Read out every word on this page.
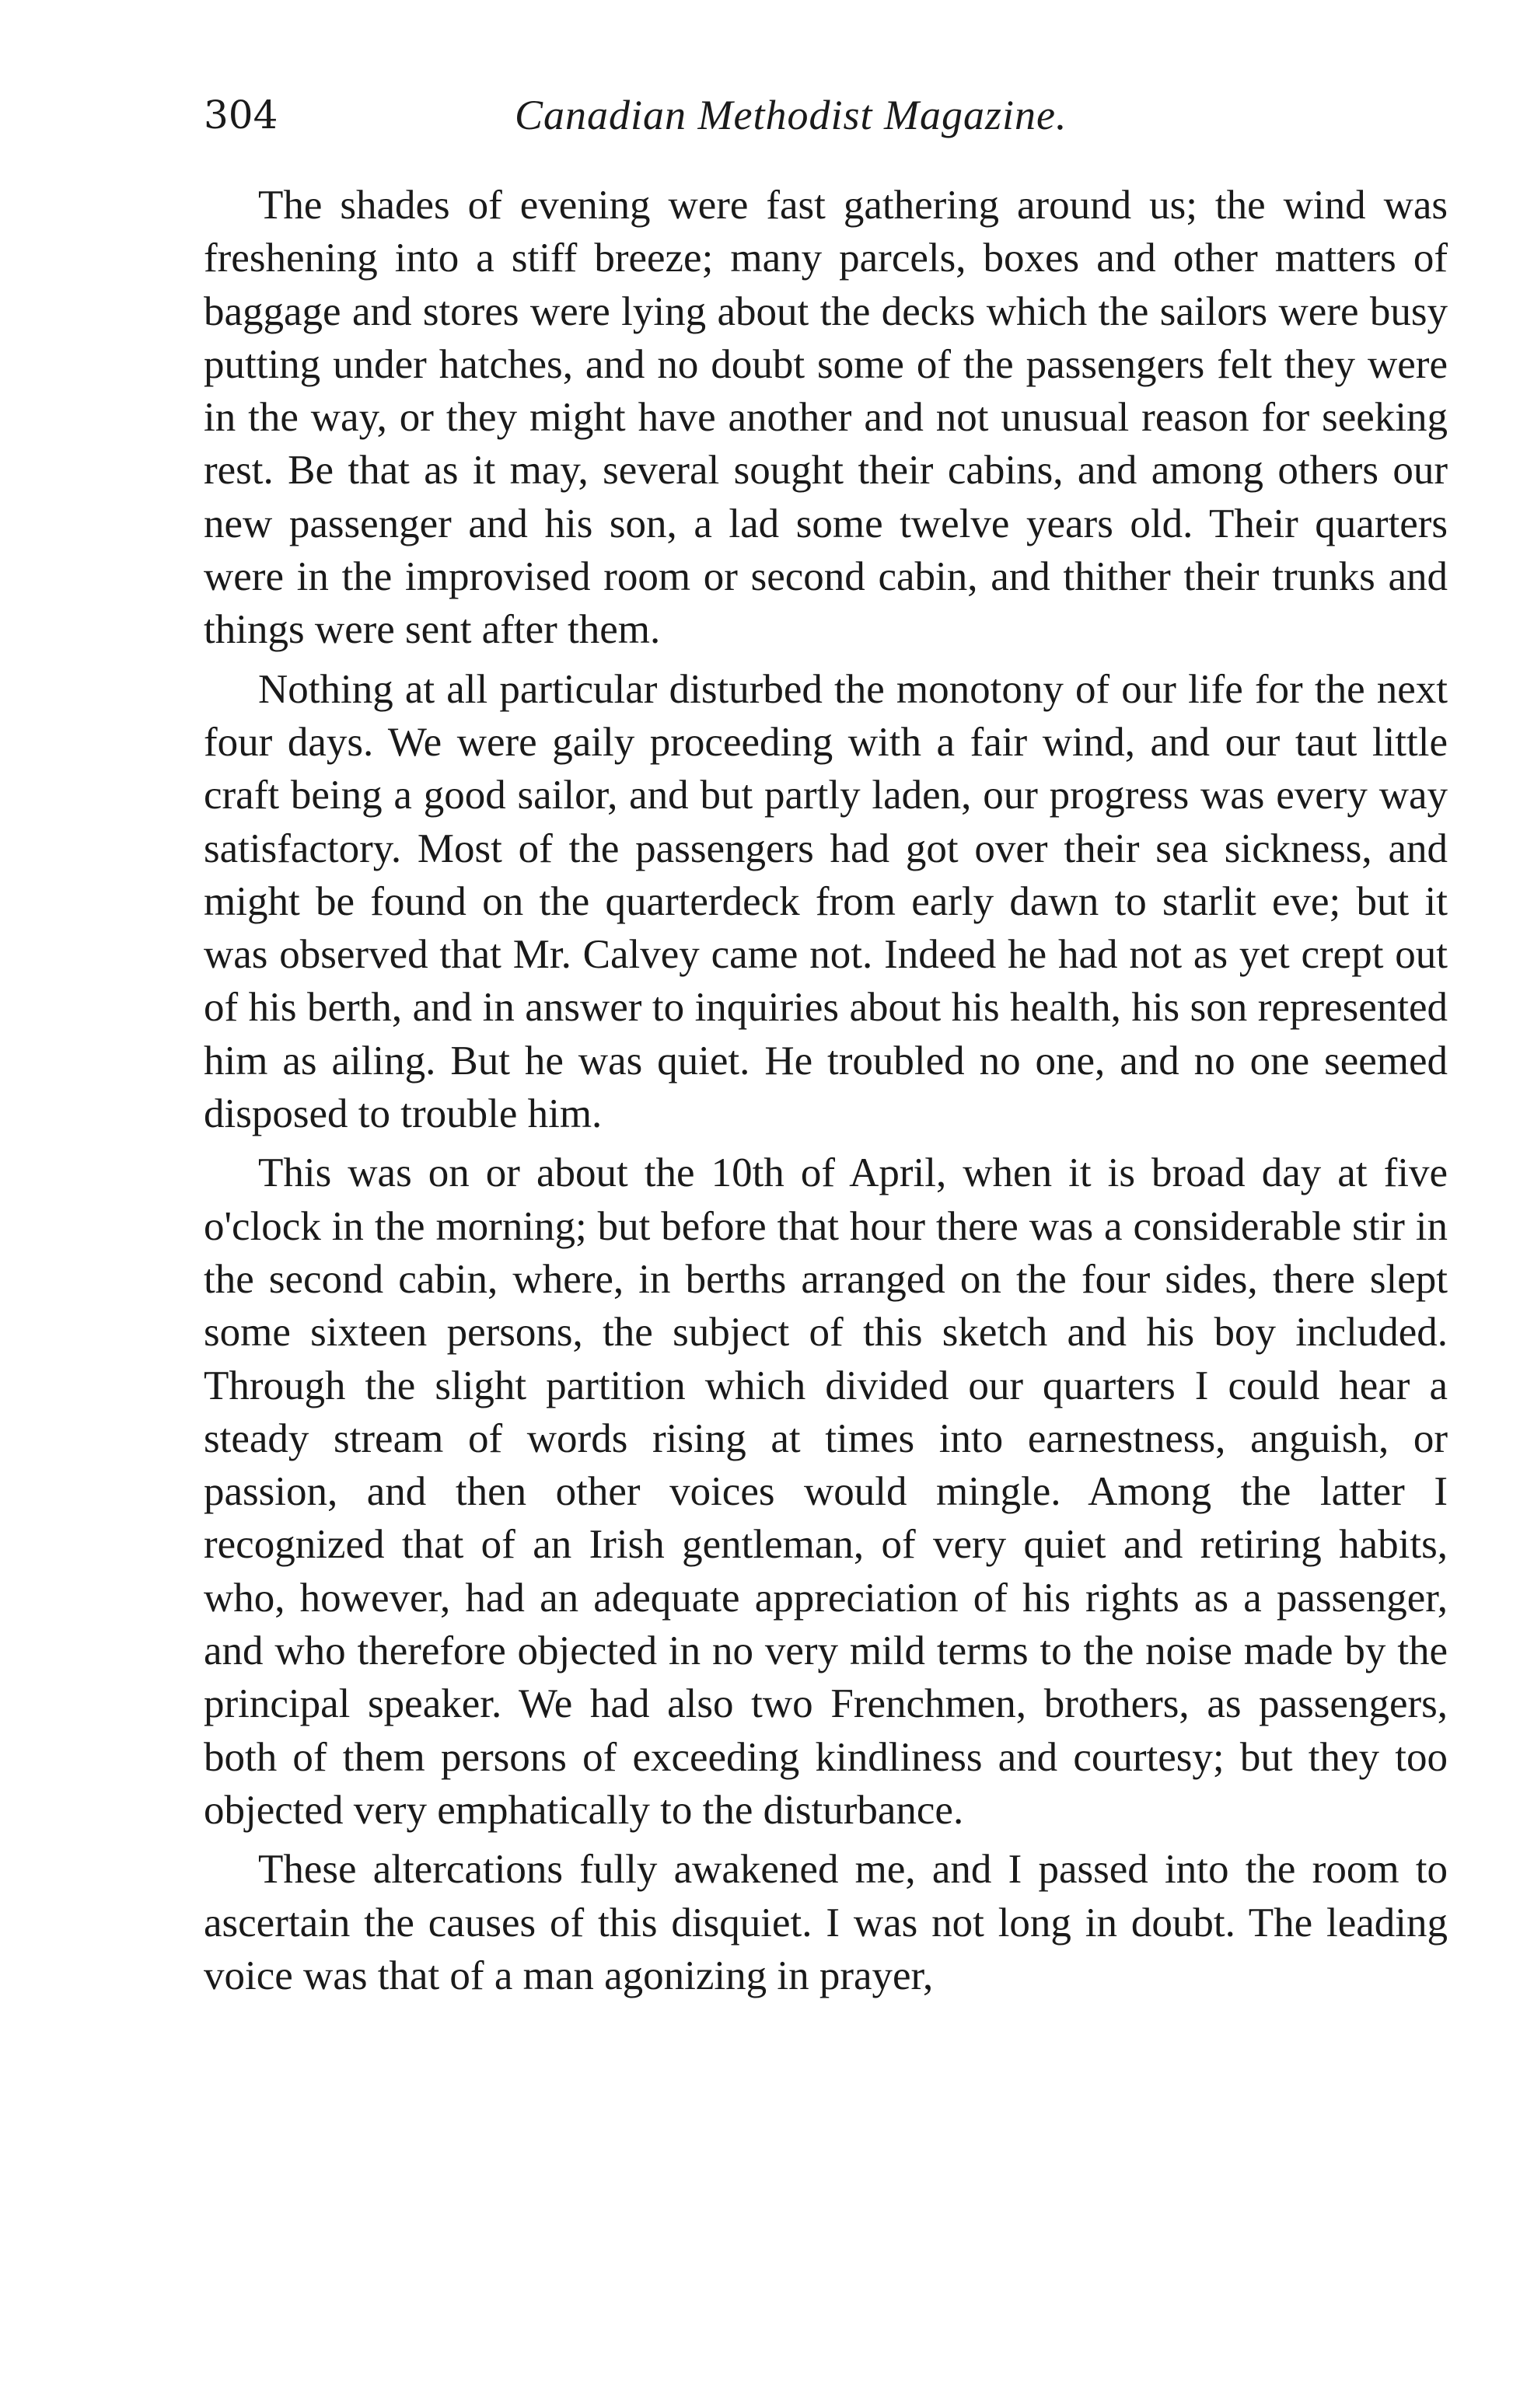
304	Canadian Methodist Magazine.

The shades of evening were fast gathering around us; the wind was freshening into a stiff breeze; many parcels, boxes and other matters of baggage and stores were lying about the decks which the sailors were busy putting under hatches, and no doubt some of the passengers felt they were in the way, or they might have another and not unusual reason for seeking rest. Be that as it may, several sought their cabins, and among others our new passenger and his son, a lad some twelve years old. Their quarters were in the improvised room or second cabin, and thither their trunks and things were sent after them.

Nothing at all particular disturbed the monotony of our life for the next four days. We were gaily proceeding with a fair wind, and our taut little craft being a good sailor, and but partly laden, our progress was every way satisfactory. Most of the passengers had got over their sea sickness, and might be found on the quarterdeck from early dawn to starlit eve; but it was observed that Mr. Calvey came not. Indeed he had not as yet crept out of his berth, and in answer to inquiries about his health, his son represented him as ailing. But he was quiet. He troubled no one, and no one seemed disposed to trouble him.

This was on or about the 10th of April, when it is broad day at five o'clock in the morning; but before that hour there was a considerable stir in the second cabin, where, in berths arranged on the four sides, there slept some sixteen persons, the subject of this sketch and his boy included. Through the slight partition which divided our quarters I could hear a steady stream of words rising at times into earnestness, anguish, or passion, and then other voices would mingle. Among the latter I recognized that of an Irish gentleman, of very quiet and retiring habits, who, however, had an adequate appreciation of his rights as a passenger, and who therefore objected in no very mild terms to the noise made by the principal speaker. We had also two Frenchmen, brothers, as passengers, both of them persons of exceeding kindliness and courtesy; but they too objected very emphatically to the disturbance.

These altercations fully awakened me, and I passed into the room to ascertain the causes of this disquiet. I was not long in doubt. The leading voice was that of a man agonizing in prayer,
